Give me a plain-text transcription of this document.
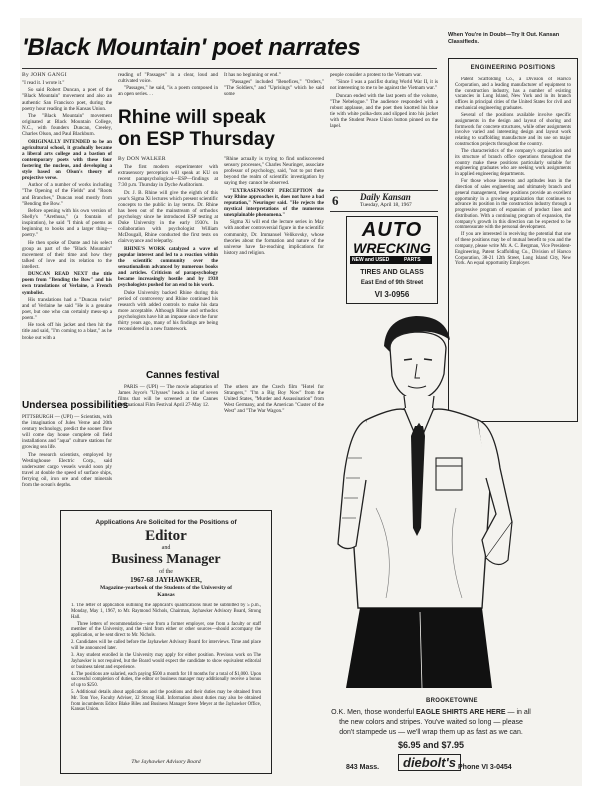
'Black Mountain' poet narrates	When You're in Doubt—Try It Out. Kansan Classifieds.
By JOHN GANGI

"I read it. I wrote it."

So said Robert Duncan, a poet of the "Black Mountain" movement and also an authentic San Francisco poet, during the poetry hour reading in the Kansas Union.

The "Black Mountain" movement originated at Black Mountain College, N.C., with founders Duncan, Creeley, Charles Olson, and Paul Blackburn.

ORIGINALLY INTENDED to be an agricultural school, it gradually became a liberal arts college and a bastion of contemporary poets with these four fostering the nucleus, and developing a style based on Olson's theory of projective verse.

Author of a number of works including "The Opening of the Fields" and "Roots and Branches," Duncan read mostly from "Bending the Bow."

Before opening with his own version of Shelly's "Arethusa," (a fountain of inspiration), he said "I think of poems as beginning to books and a larger thing—poetry."

He then spoke of Dante and his select group as part of the "Black Mountain" movement of their time and how they talked of love and its relation to the intellect.

DUNCAN READ NEXT the title poem from "Bending the Bow" and his own translations of Verlaine, a French symbolist.

His translations had a "Duncan twist" and of Verlaine he said "He is a genuine poet, but one who can certainly mess-up a poem."

He took off his jacket and then hit the title and said, "I'm coming to a blast," as he broke out with a

reading of "Passages" in a clear, loud and cultivated voice.

"Passages," he said, "is a poem composed in an open series. . .

It has no beginning or end."

"Passages" included "Benefices," "Orders," "The Soldiers," and "Uprisings" which he said some

people consider a protest to the Vietnam war.

"Since I was a pacifist during World War II, it is not interesting to me to be against the Vietnam war."

Duncan ended with the last poem of the volume, "The Nebelogue." The audience responded with a robust applause, and the poet then knotted his blue tie with white polka-dots and slipped into his jacket with the Student Peace Union button pinned on the lapel.

Rhine will speak
on ESP Thursday
By DON WALKER

The first modern experimenter with extrasensory perception will speak at KU on recent parapsychological—ESP—findings at 7:30 p.m. Thursday in Dyche Auditorium.

Dr. J. B. Rhine will give the eighth of this year's Sigma Xi lectures which present scientific concepts to the public in lay terms. Dr. Rhine has been out of the mainstream of orthodox psychology since he introduced ESP testing at Duke University in the early 1930's. In collaboration with psychologist William McDougall, Rhine conducted the first tests on clairvoyance and telepathy.

RHINE'S WORK catalyzed a wave of popular interest and led to a reaction within the scientific community over the sensationalism advanced by numerous books and articles. Criticism of parapsychology became increasingly hostile and by 1938 psychologists pushed for an end to his work.

Duke University backed Rhine during this period of controversy and Rhine continued his research with added controls to make his data more acceptable. Although Rhine and orthodox psychologists have hit an impasse since the furor thirty years ago, many of his findings are being reconsidered in a new framework.

"Rhine actually is trying to find undiscovered sensory processes," Charles Neuringer, associate professor of psychology, said, "not to put them beyond the realm of scientific investigation by saying they cannot be observed.

"EXTRASENSORY PERCEPTION the way Rhine approaches it, does not have a bad reputation," Neuringer said. "He rejects the mystical interpretations of the numerous unexplainable phenomena."

Sigma Xi will end the lecture series in May with another controversial figure in the scientific community, Dr. Immanuel Velikovsky, whose theories about the formation and nature of the universe have far-reaching implications for history and religion.

6 Daily Kansan
Tuesday, April 18, 1967
AUTO
WRECKING
NEW and USED	PARTS
TIRES AND GLASS
East End of 9th Street
VI 3-0956
ENGINEERING POSITIONS

Patent Scaffolding Co., a Division of Harsco Corporation, and a leading manufacturer of equipment to the construction industry, has a number of existing vacancies in Long Island, New York and in its branch offices in principal cities of the United States for civil and mechanical engineering graduates.

Several of the positions available involve specific assignments in the design and layout of shoring and formwork for concrete structures, while other assignments involve varied and interesting design and layout work relating to scaffolding manufacture and its use on major construction projects throughout the country.

The characteristics of the company's organization and its structure of branch office operations throughout the country make these positions particularly suitable for engineering graduates who are seeking work assignments in applied engineering departments.

For those whose interests and aptitudes lean in the direction of sales engineering and ultimately branch and general management, these positions provide an excellent opportunity in a growing organization that continues to advance its position in the construction industry through a progressive program of expansion of product lines and distribution. With a continuing program of expansion, the company's growth in this direction can be expected to be commensurate with the personal development.

If you are interested in receiving the potential that one of these positions may be of mutual benefit to you and the company, please write Mr. A. C. Bergman, Vice President-Engineering, Patent Scaffolding Co., Division of Harsco Corporation, 38-21 12th Street, Long Island City, New York. An equal opportunity Employer.

Undersea possibilities

PITTSBURGH — (UPI) — Scientists, with the imagination of Jules Verne and 20th century technology, predict the sooner flow will come day house complete oil field installations and "aqua" culture stations for growing sea life.

The research scientists, employed by Westinghouse Electric Corp., said underwater cargo vessels would soon ply travel at double the speed of surface ships, ferrying oil, iron ore and other minerals from the ocean's depths.

Cannes festival

PARIS — (UPI) — The movie adaptation of James Joyce's "Ulysses" heads a list of seven films that will be screened at the Cannes International Film Festival April 27-May 12.

The others are the Czech film "Hotel for Strangers," "I'm a Big Boy Now" from the United States, "Murder and Assassination" from West Germany, and the American "Custer of the West" and "The War Wagon."

Applications Are Solicited for the Positions of
Editor
and
Business Manager
of the
1967-68 JAYHAWKER,
Magazine-yearbook of the Students of the University of Kansas

1. The letter of application outlining the applicant's qualifications must be submitted by 5 p.m., Monday, May 1, 1967, to Mr. Raymond Nichols, Chairman, Jayhawker Advisory Board, Strong Hall.

Three letters of recommendation—one from a former employer, one from a faculty or staff member of the University, and the third from either or other sources—should accompany the application, or be sent direct to Mr. Nichols.

2. Candidates will be called before the Jayhawker Advisory Board for interviews. Time and place will be announced later.

3. Any student enrolled in the University may apply for either position. Previous work on The Jayhawker is not required, but the Board would expect the candidate to show equivalent editorial or business talent and experience.

4. The positions are salaried, each paying $500 a month for 10 months for a total of $1,000. Upon successful completion of duties, the editor or business manager may additionally receive a bonus of up to $250.

5. Additional details about applications and the positions and their duties may be obtained from Mr. Tom Yoe, Faculty Adviser, 32 Strong Hall. Information about duties may also be obtained from incumbents Editor Blake Biles and Business Manager Steve Meyer at the Jayhawker Office, Kansas Union.

The Jayhawker Advisory Board
BROOKETOWNE
O.K. Men, those wonderful EAGLE SHIRTS ARE HERE — in all
the new colors and stripes. You've waited so long — please
don't stampede us — we'll wrap them up as fast as we can.
$6.95 and $7.95
diebolt's
843 Mass.	Phone VI 3-0454
